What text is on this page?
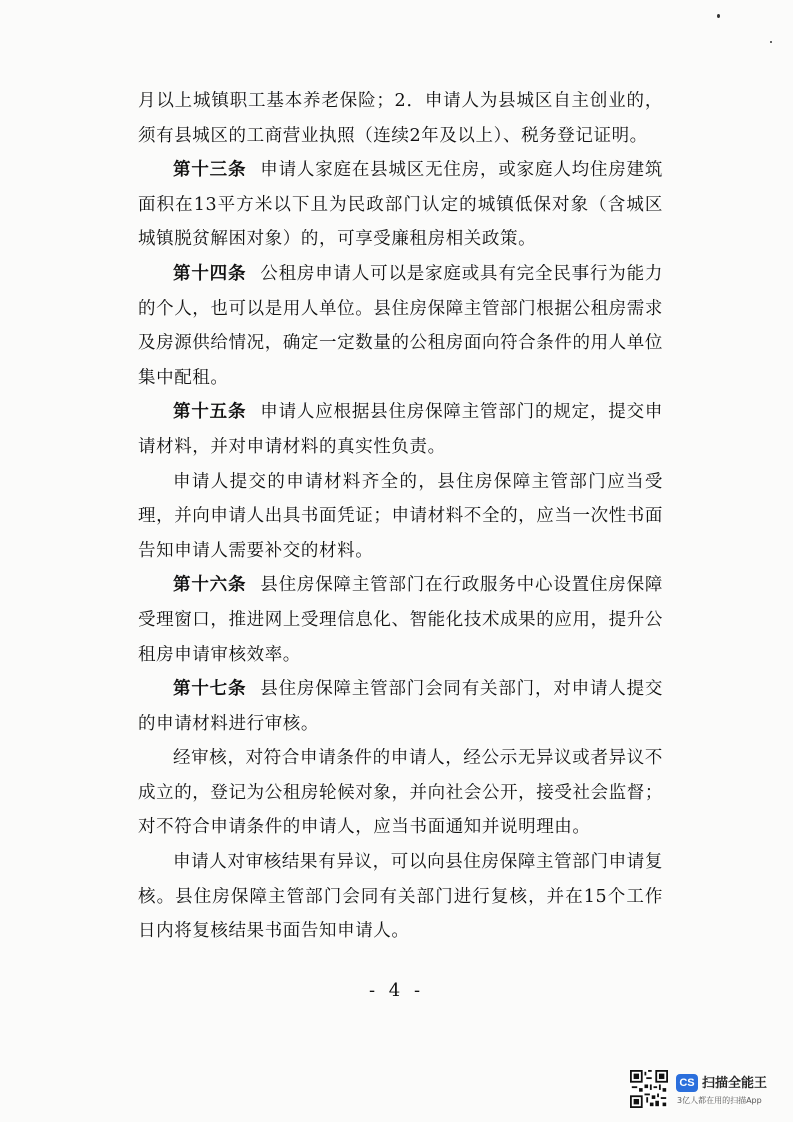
月以上城镇职工基本养老保险；2．申请人为县城区自主创业的，须有县城区的工商营业执照（连续2年及以上）、税务登记证明。

第十三条 申请人家庭在县城区无住房，或家庭人均住房建筑面积在13平方米以下且为民政部门认定的城镇低保对象（含城区城镇脱贫解困对象）的，可享受廉租房相关政策。

第十四条 公租房申请人可以是家庭或具有完全民事行为能力的个人，也可以是用人单位。县住房保障主管部门根据公租房需求及房源供给情况，确定一定数量的公租房面向符合条件的用人单位集中配租。

第十五条 申请人应根据县住房保障主管部门的规定，提交申请材料，并对申请材料的真实性负责。

申请人提交的申请材料齐全的，县住房保障主管部门应当受理，并向申请人出具书面凭证；申请材料不全的，应当一次性书面告知申请人需要补交的材料。

第十六条 县住房保障主管部门在行政服务中心设置住房保障受理窗口，推进网上受理信息化、智能化技术成果的应用，提升公租房申请审核效率。

第十七条 县住房保障主管部门会同有关部门，对申请人提交的申请材料进行审核。

经审核，对符合申请条件的申请人，经公示无异议或者异议不成立的，登记为公租房轮候对象，并向社会公开，接受社会监督；对不符合申请条件的申请人，应当书面通知并说明理由。

申请人对审核结果有异议，可以向县住房保障主管部门申请复核。县住房保障主管部门会同有关部门进行复核，并在15个工作日内将复核结果书面告知申请人。

- 4 -
CS 扫描全能王
3亿人都在用的扫描App
